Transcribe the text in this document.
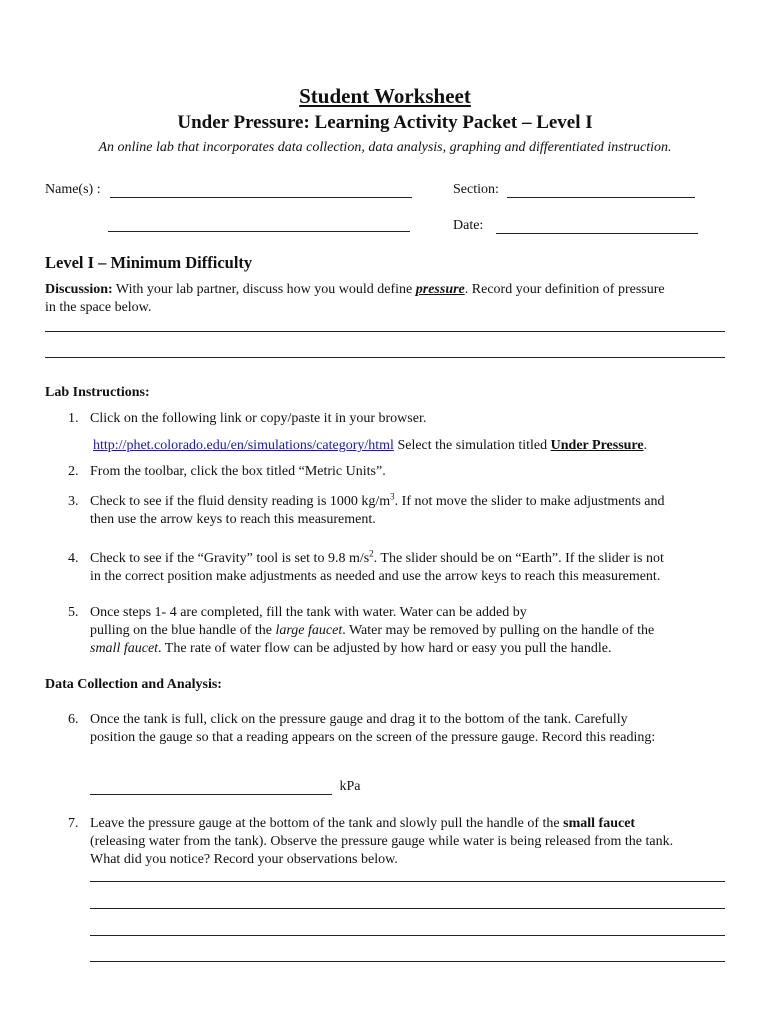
Student Worksheet
Under Pressure: Learning Activity Packet – Level I
An online lab that incorporates data collection, data analysis, graphing and differentiated instruction.
Name(s) :	Section:
Date:
Level I – Minimum Difficulty
Discussion: With your lab partner, discuss how you would define pressure. Record your definition of pressure
in the space below.
Lab Instructions:
1. Click on the following link or copy/paste it in your browser.
http://phet.colorado.edu/en/simulations/category/html Select the simulation titled Under Pressure.
2. From the toolbar, click the box titled “Metric Units”.
3. Check to see if the fluid density reading is 1000 $kg/m^3$. If not move the slider to make adjustments and
then use the arrow keys to reach this measurement.
4. Check to see if the “Gravity” tool is set to 9.8 $m/s^2$. The slider should be on “Earth”. If the slider is not
in the correct position make adjustments as needed and use the arrow keys to reach this measurement.
5. Once steps 1- 4 are completed, fill the tank with water. Water can be added by
pulling on the blue handle of the large faucet. Water may be removed by pulling on the handle of the
small faucet. The rate of water flow can be adjusted by how hard or easy you pull the handle.
Data Collection and Analysis:
6. Once the tank is full, click on the pressure gauge and drag it to the bottom of the tank. Carefully
position the gauge so that a reading appears on the screen of the pressure gauge. Record this reading:
kPa
7. Leave the pressure gauge at the bottom of the tank and slowly pull the handle of the small faucet
(releasing water from the tank). Observe the pressure gauge while water is being released from the tank.
What did you notice? Record your observations below.
